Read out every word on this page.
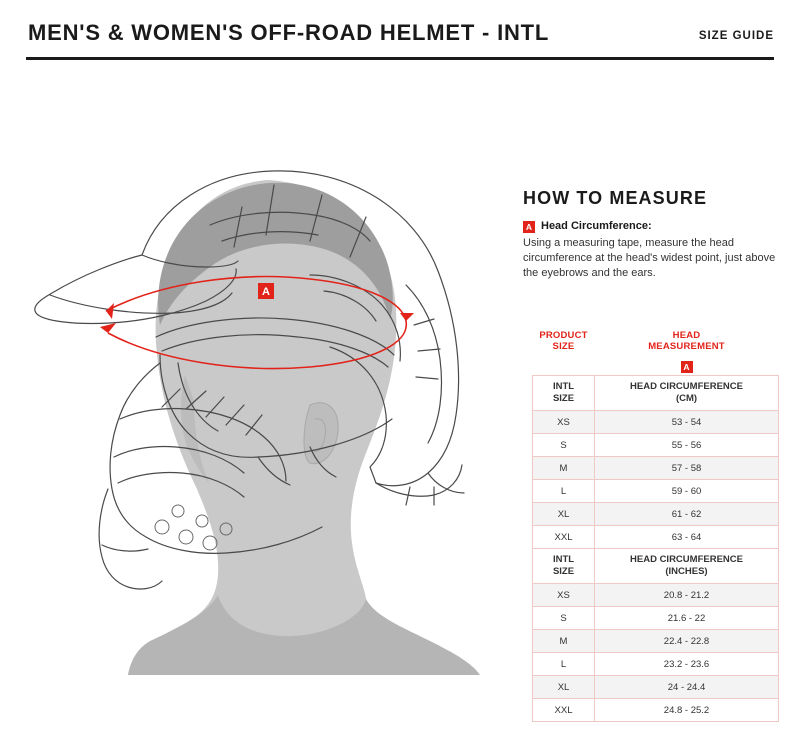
MEN'S & WOMEN'S OFF-ROAD HELMET - INTL	SIZE GUIDE
A
HOW TO MEASURE
A Head Circumference:
Using a measuring tape, measure the head circumference at the head's widest point, just above the eyebrows and the ears.
PRODUCT
SIZE	HEAD
MEASUREMENT
	A
INTL
SIZE	HEAD CIRCUMFERENCE
(CM)
XS	53 - 54
S	55 - 56
M	57 - 58
L	59 - 60
XL	61 - 62
XXL	63 - 64
INTL
SIZE	HEAD CIRCUMFERENCE
(INCHES)
XS	20.8 - 21.2
S	21.6 - 22
M	22.4 - 22.8
L	23.2 - 23.6
XL	24 - 24.4
XXL	24.8 - 25.2
